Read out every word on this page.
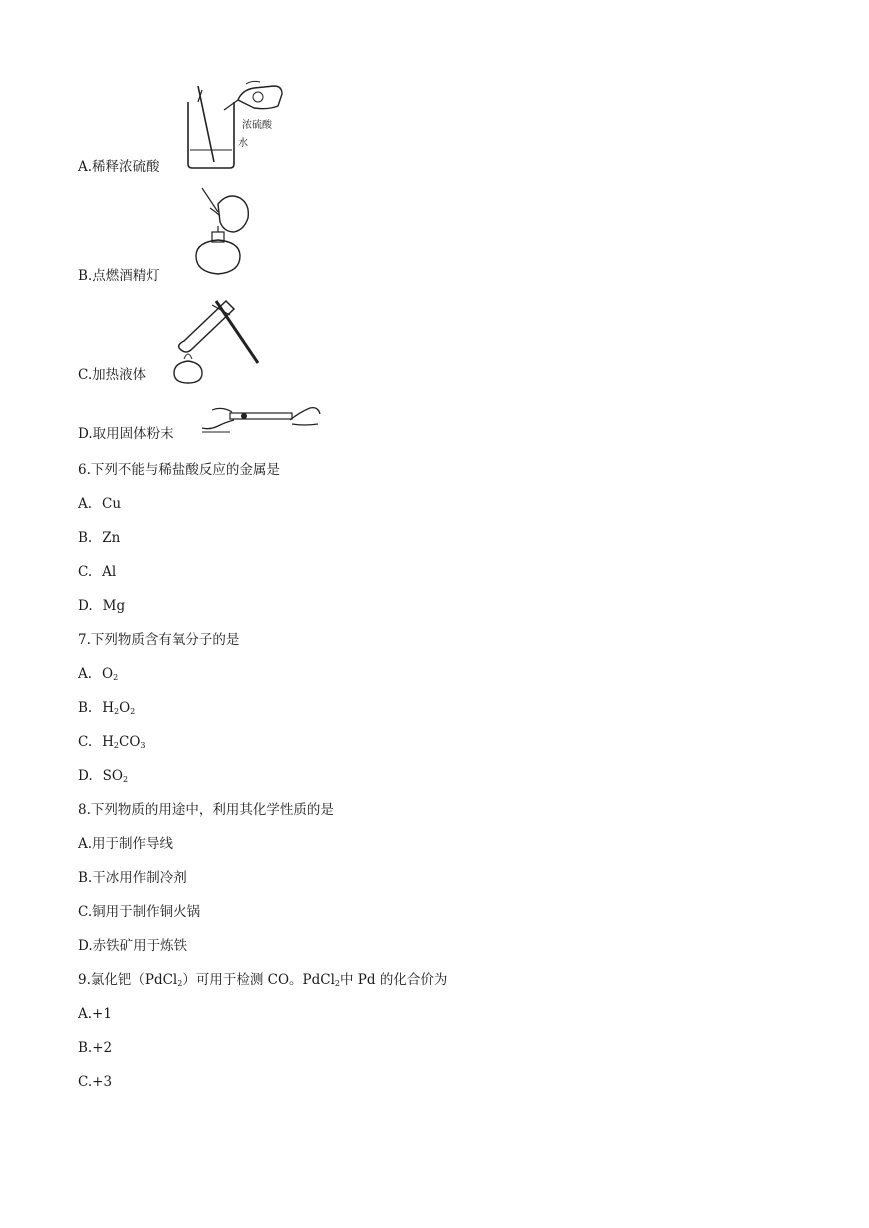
A.稀释浓硫酸
浓硫酸
水
B.点燃酒精灯
C.加热液体
D.取用固体粉末
6.下列不能与稀盐酸反应的金属是
A. Cu
B. Zn
C. Al
D. Mg
7.下列物质含有氧分子的是
A. $O_2$
B. $H_2O_2$
C. $H_2CO_3$
D. $SO_2$
8.下列物质的用途中，利用其化学性质的是
A.用于制作导线
B.干冰用作制冷剂
C.铜用于制作铜火锅
D.赤铁矿用于炼铁
9.氯化钯（PdCl$_2$）可用于检测 CO。PdCl$_2$中 Pd 的化合价为
A.+1
B.+2
C.+3
